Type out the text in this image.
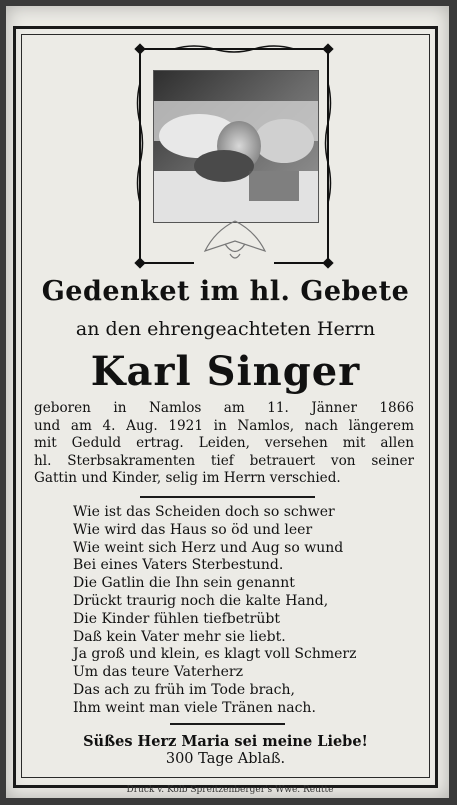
Gedenket im hl. Gebete
an den ehrengeachteten Herrn
Karl Singer
geboren in Namlos am 11. Jänner 1866
und am 4. Aug. 1921 in Namlos, nach längerem
mit Geduld ertrag. Leiden, versehen mit allen
hl. Sterbsakramenten tief betrauert von seiner
Gattin und Kinder, selig im Herrn verschied.
Wie ist das Scheiden doch so schwer
Wie wird das Haus so öd und leer
Wie weint sich Herz und Aug so wund
Bei eines Vaters Sterbestund.
Die Gatlin die Ihn sein genannt
Drückt traurig noch die kalte Hand,
Die Kinder fühlen tiefbetrübt
Daß kein Vater mehr sie liebt.
Ja groß und klein, es klagt voll Schmerz
Um das teure Vaterherz
Das ach zu früh im Tode brach,
Ihm weint man viele Tränen nach.
Süßes Herz Maria sei meine Liebe!
300 Tage Ablaß.
Druck v. Kolb Spreitzenberger's Wwe. Reutte
